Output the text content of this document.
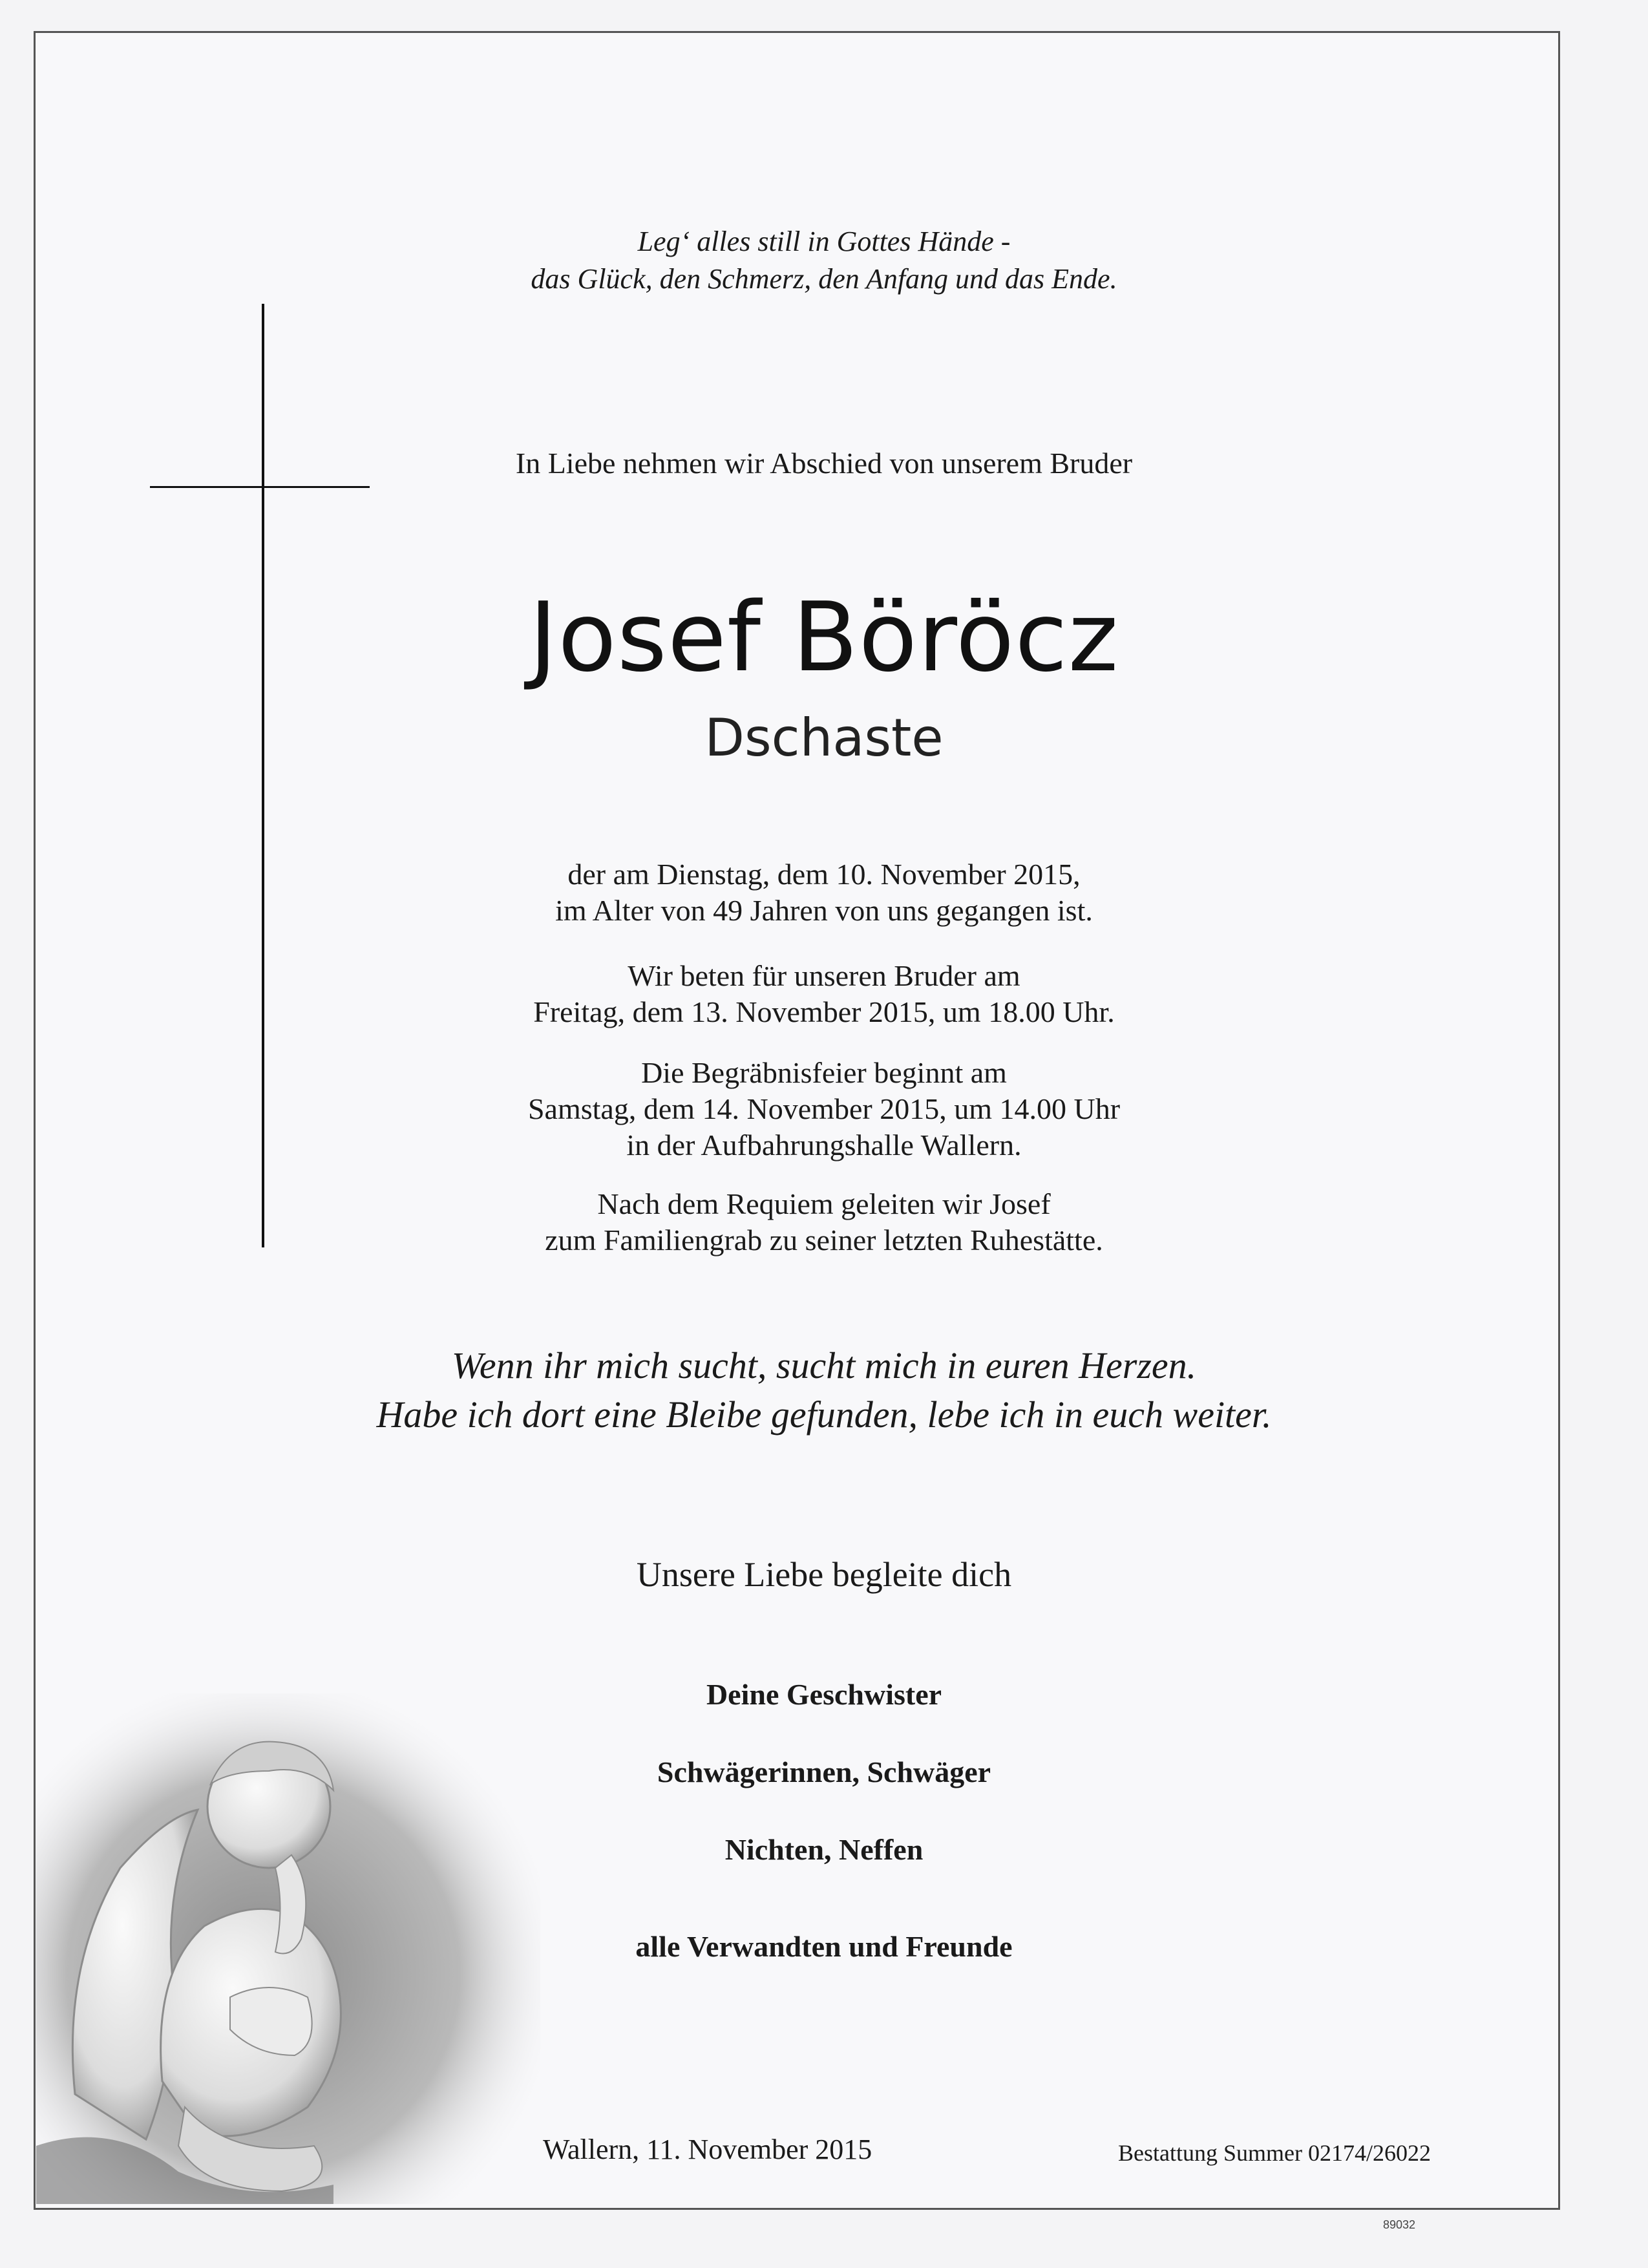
Leg‘ alles still in Gottes Hände -
das Glück, den Schmerz, den Anfang und das Ende.
In Liebe nehmen wir Abschied von unserem Bruder
Josef Böröcz
Dschaste
der am Dienstag, dem 10. November 2015,
im Alter von 49 Jahren von uns gegangen ist.
Wir beten für unseren Bruder am
Freitag, dem 13. November 2015, um 18.00 Uhr.
Die Begräbnisfeier beginnt am
Samstag, dem 14. November 2015, um 14.00 Uhr
in der Aufbahrungshalle Wallern.
Nach dem Requiem geleiten wir Josef
zum Familiengrab zu seiner letzten Ruhestätte.
Wenn ihr mich sucht, sucht mich in euren Herzen.
Habe ich dort eine Bleibe gefunden, lebe ich in euch weiter.
Unsere Liebe begleite dich
Deine Geschwister
Schwägerinnen, Schwäger
Nichten, Neffen
alle Verwandten und Freunde
Wallern, 11. November 2015	Bestattung Summer 02174/26022
89032
